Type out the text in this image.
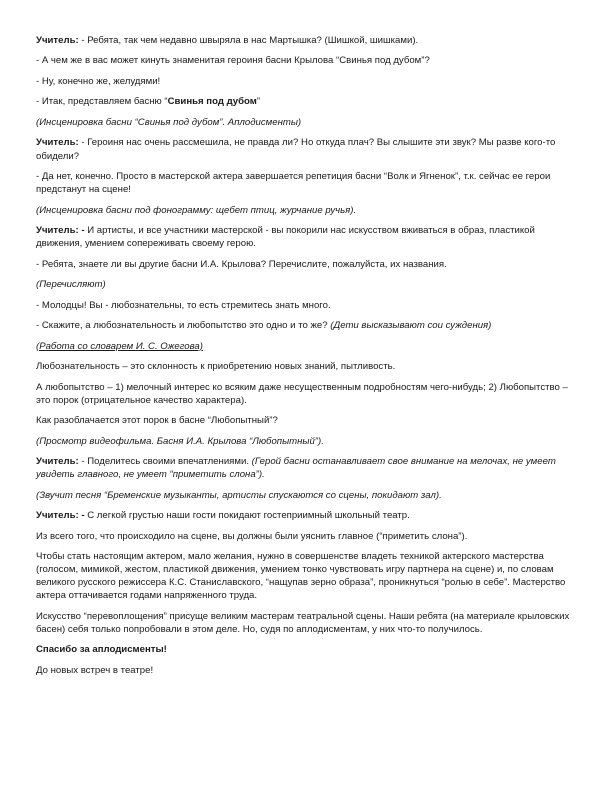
Учитель: - Ребята, так чем недавно швыряла в нас Мартышка? (Шишкой, шишками).

- А чем же в вас может кинуть знаменитая героиня басни Крылова “Свинья под дубом”?

- Ну, конечно же, желудями!

- Итак, представляем басню “Свинья под дубом”

(Инсценировка басни “Свинья под дубом”. Аплодисменты)

Учитель: - Героиня нас очень рассмешила, не правда ли? Но откуда плач? Вы слышите эти звук? Мы разве кого-то обидели?

- Да нет, конечно. Просто в мастерской актера завершается репетиция басни “Волк и Ягненок”, т.к. сейчас ее герои предстанут на сцене!

(Инсценировка басни под фонограмму: щебет птиц, журчание ручья).

Учитель: - И артисты, и все участники мастерской - вы покорили нас искусством вживаться в образ, пластикой движения, умением сопереживать своему герою.

- Ребята, знаете ли вы другие басни И.А. Крылова? Перечислите, пожалуйста, их названия.

(Перечисляют)

- Молодцы! Вы - любознательны, то есть стремитесь знать много.

- Скажите, а любознательность и любопытство это одно и то же? (Дети высказывают сои суждения)

(Работа со словарем И. С. Ожегова)

Любознательность – это склонность к приобретению новых знаний, пытливость.

А любопытство – 1) мелочный интерес ко всяким даже несущественным подробностям чего-нибудь; 2) Любопытство – это порок (отрицательное качество характера).

Как разоблачается этот порок в басне “Любопытный”?

(Просмотр видеофильма. Басня И.А. Крылова “Любопытный”).

Учитель: - Поделитесь своими впечатлениями. (Герой басни останавливает свое внимание на мелочах, не умеет увидеть главного, не умеет “приметить слона”).

(Звучит песня “Бременские музыканты, артисты спускаются со сцены, покидают зал).

Учитель: - С легкой грустью наши гости покидают гостеприимный школьный театр.

Из всего того, что происходило на сцене, вы должны были уяснить главное (“приметить слона”).

Чтобы стать настоящим актером, мало желания, нужно в совершенстве владеть техникой актерского мастерства (голосом, мимикой, жестом, пластикой движения, умением тонко чувствовать игру партнера на сцене) и, по словам великого русского режиссера К.С. Станиславского, “нащупав зерно образа”, проникнуться “ролью в себе”. Мастерство актера оттачивается годами напряженного труда.

Искусство “перевоплощения” присуще великим мастерам театральной сцены. Наши ребята (на материале крыловских басен) себя только попробовали в этом деле. Но, судя по аплодисментам, у них что-то получилось.

Спасибо за аплодисменты!

До новых встреч в театре!
